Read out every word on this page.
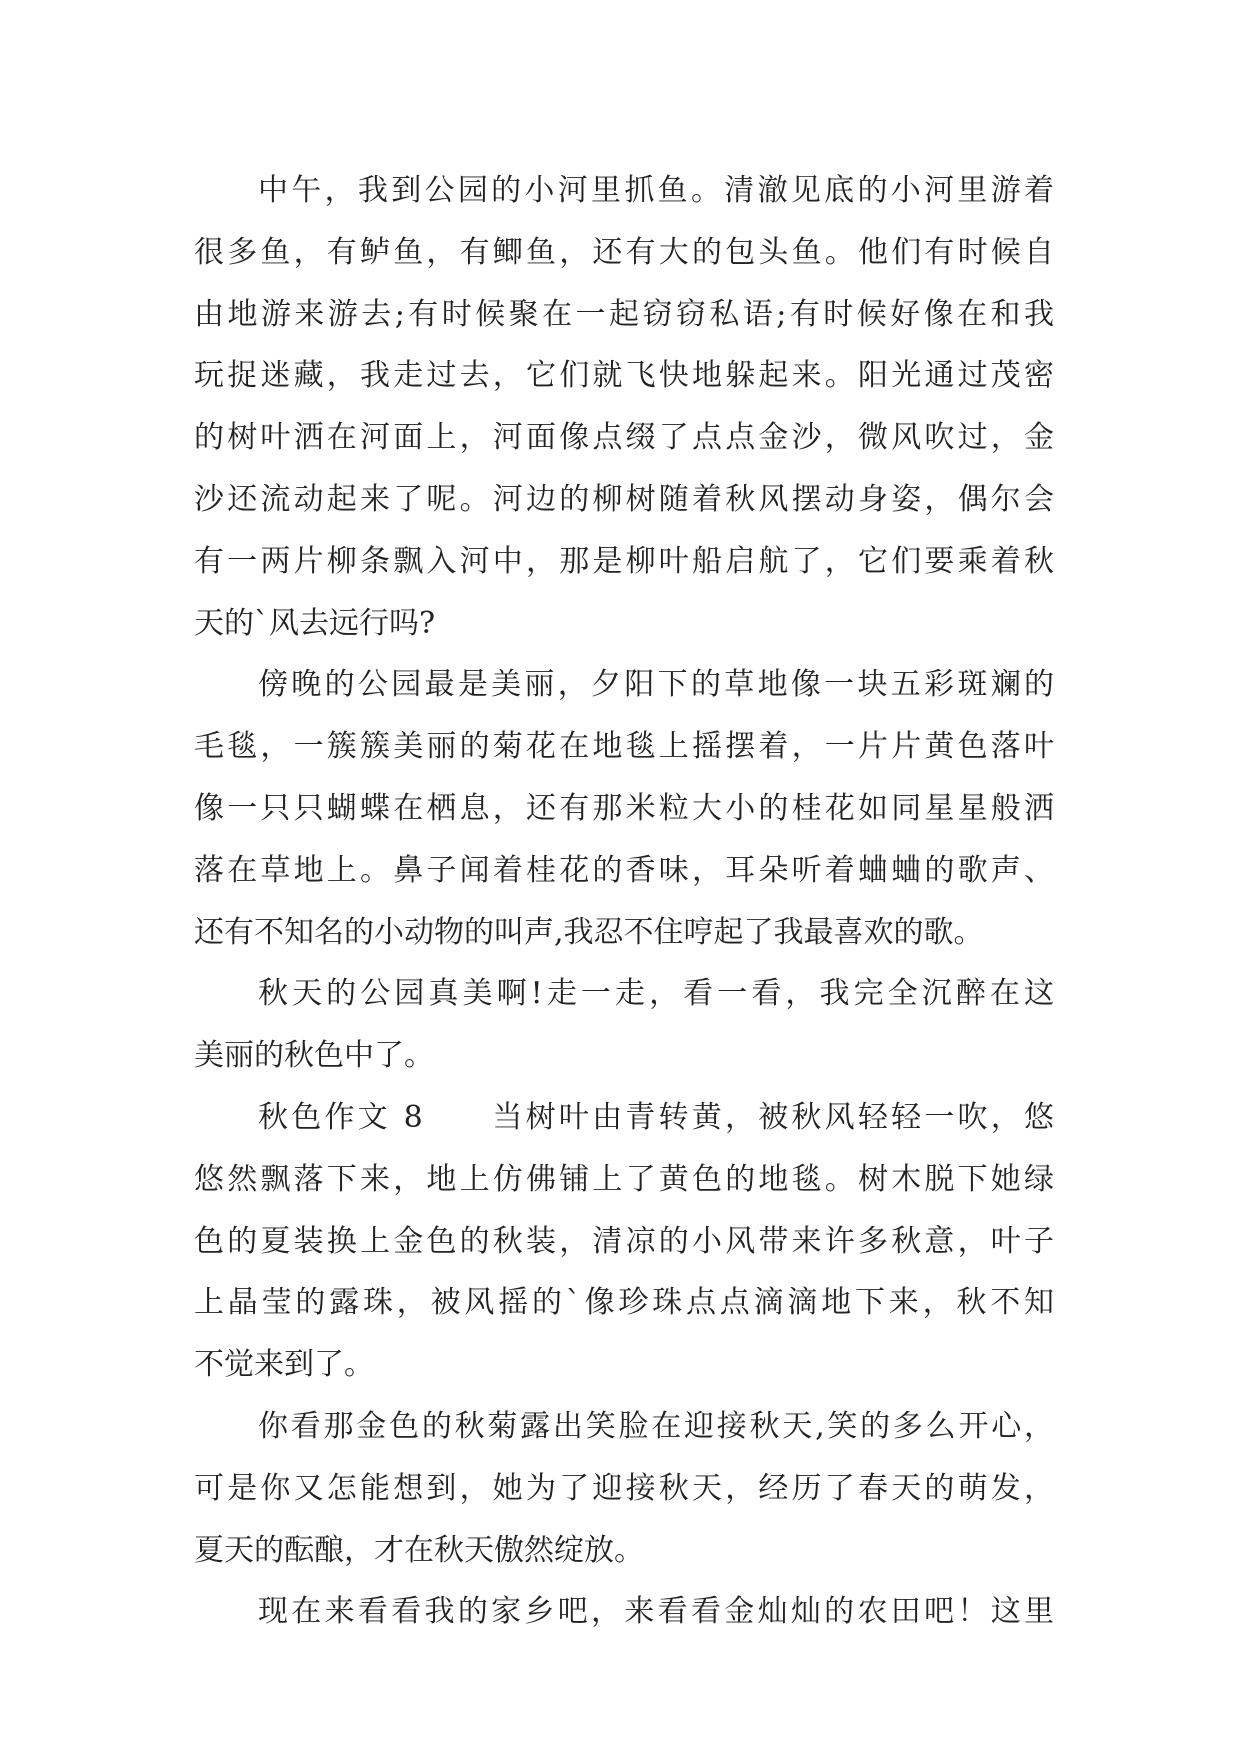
中午，我到公园的小河里抓鱼。清澈见底的小河里游着
很多鱼，有鲈鱼，有鲫鱼，还有大的包头鱼。他们有时候自
由地游来游去;有时候聚在一起窃窃私语;有时候好像在和我
玩捉迷藏，我走过去，它们就飞快地躲起来。阳光通过茂密
的树叶洒在河面上，河面像点缀了点点金沙，微风吹过，金
沙还流动起来了呢。河边的柳树随着秋风摆动身姿，偶尔会
有一两片柳条飘入河中，那是柳叶船启航了，它们要乘着秋
天的`风去远行吗?
傍晚的公园最是美丽，夕阳下的草地像一块五彩斑斓的
毛毯，一簇簇美丽的菊花在地毯上摇摆着，一片片黄色落叶
像一只只蝴蝶在栖息，还有那米粒大小的桂花如同星星般洒
落在草地上。鼻子闻着桂花的香味，耳朵听着蛐蛐的歌声、
还有不知名的小动物的叫声,我忍不住哼起了我最喜欢的歌。
秋天的公园真美啊!走一走，看一看，我完全沉醉在这
美丽的秋色中了。
秋色作文 8　　当树叶由青转黄，被秋风轻轻一吹，悠
悠然飘落下来，地上仿佛铺上了黄色的地毯。树木脱下她绿
色的夏装换上金色的秋装，清凉的小风带来许多秋意，叶子
上晶莹的露珠，被风摇的`像珍珠点点滴滴地下来，秋不知
不觉来到了。
你看那金色的秋菊露出笑脸在迎接秋天,笑的多么开心，
可是你又怎能想到，她为了迎接秋天，经历了春天的萌发，
夏天的酝酿，才在秋天傲然绽放。
现在来看看我的家乡吧，来看看金灿灿的农田吧！这里
